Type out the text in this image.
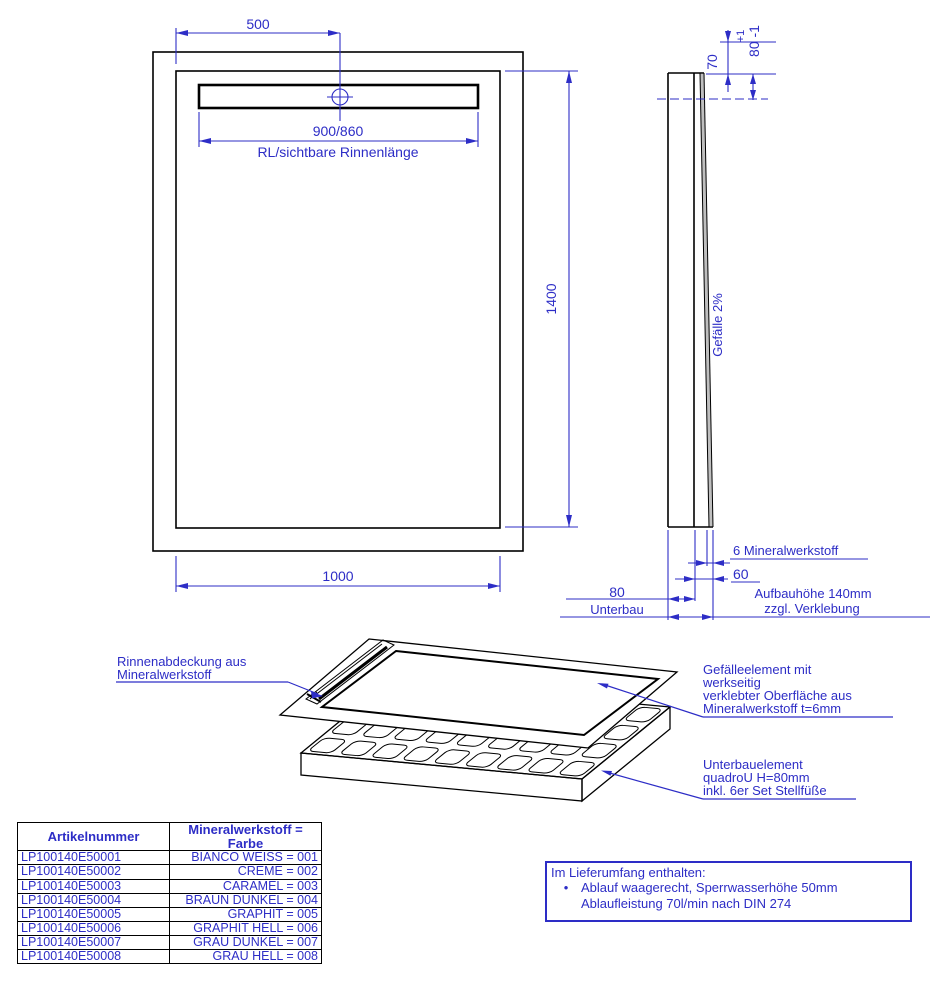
500
900/860
RL/sichtbare Rinnenlänge
1400
1000
70
+1 80 -1
Gefälle 2%
6 Mineralwerkstoff
60
80
Unterbau
Aufbauhöhe 140mm
zzgl. Verklebung
Rinnenabdeckung aus
Mineralwerkstoff	Gefälleelement mit
werkseitig
verklebter Oberfläche aus
Mineralwerkstoff t=6mm
Unterbauelement
quadroU H=80mm
inkl. 6er Set Stellfüße
Artikelnummer	Mineralwerkstoff = Farbe
LP100140E50001	BIANCO WEISS = 001
LP100140E50002	CREME = 002
LP100140E50003	CARAMEL = 003
LP100140E50004	BRAUN DUNKEL = 004
LP100140E50005	GRAPHIT = 005
LP100140E50006	GRAPHIT HELL = 006
LP100140E50007	GRAU DUNKEL = 007
LP100140E50008	GRAU HELL = 008
Im Lieferumfang enthalten:
• Ablauf waagerecht, Sperrwasserhöhe 50mm
Ablaufleistung 70l/min nach DIN 274
